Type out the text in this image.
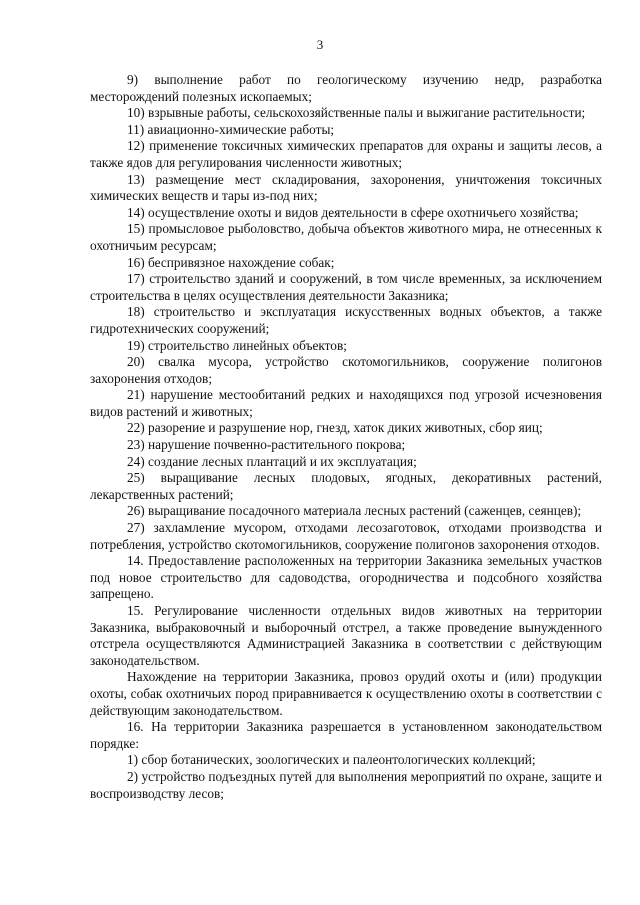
3

9) выполнение работ по геологическому изучению недр, разработка месторождений полезных ископаемых;

10) взрывные работы, сельскохозяйственные палы и выжигание растительности;

11) авиационно-химические работы;

12) применение токсичных химических препаратов для охраны и защиты лесов, а также ядов для регулирования численности животных;

13) размещение мест складирования, захоронения, уничтожения токсичных химических веществ и тары из-под них;

14) осуществление охоты и видов деятельности в сфере охотничьего хозяйства;

15) промысловое рыболовство, добыча объектов животного мира, не отнесенных к охотничьим ресурсам;

16) беспривязное нахождение собак;

17) строительство зданий и сооружений, в том числе временных, за исключением строительства в целях осуществления деятельности Заказника;

18) строительство и эксплуатация искусственных водных объектов, а также гидротехнических сооружений;

19) строительство линейных объектов;

20) свалка мусора, устройство скотомогильников, сооружение полигонов захоронения отходов;

21) нарушение местообитаний редких и находящихся под угрозой исчезновения видов растений и животных;

22) разорение и разрушение нор, гнезд, хаток диких животных, сбор яиц;

23) нарушение почвенно-растительного покрова;

24) создание лесных плантаций и их эксплуатация;

25) выращивание лесных плодовых, ягодных, декоративных растений, лекарственных растений;

26) выращивание посадочного материала лесных растений (саженцев, сеянцев);

27) захламление мусором, отходами лесозаготовок, отходами производства и потребления, устройство скотомогильников, сооружение полигонов захоронения отходов.

14. Предоставление расположенных на территории Заказника земельных участков под новое строительство для садоводства, огородничества и подсобного хозяйства запрещено.

15. Регулирование численности отдельных видов животных на территории Заказника, выбраковочный и выборочный отстрел, а также проведение вынужденного отстрела осуществляются Администрацией Заказника в соответствии с действующим законодательством.

Нахождение на территории Заказника, провоз орудий охоты и (или) продукции охоты, собак охотничьих пород приравнивается к осуществлению охоты в соответствии с действующим законодательством.

16. На территории Заказника разрешается в установленном законодательством порядке:

1) сбор ботанических, зоологических и палеонтологических коллекций;

2) устройство подъездных путей для выполнения мероприятий по охране, защите и воспроизводству лесов;
